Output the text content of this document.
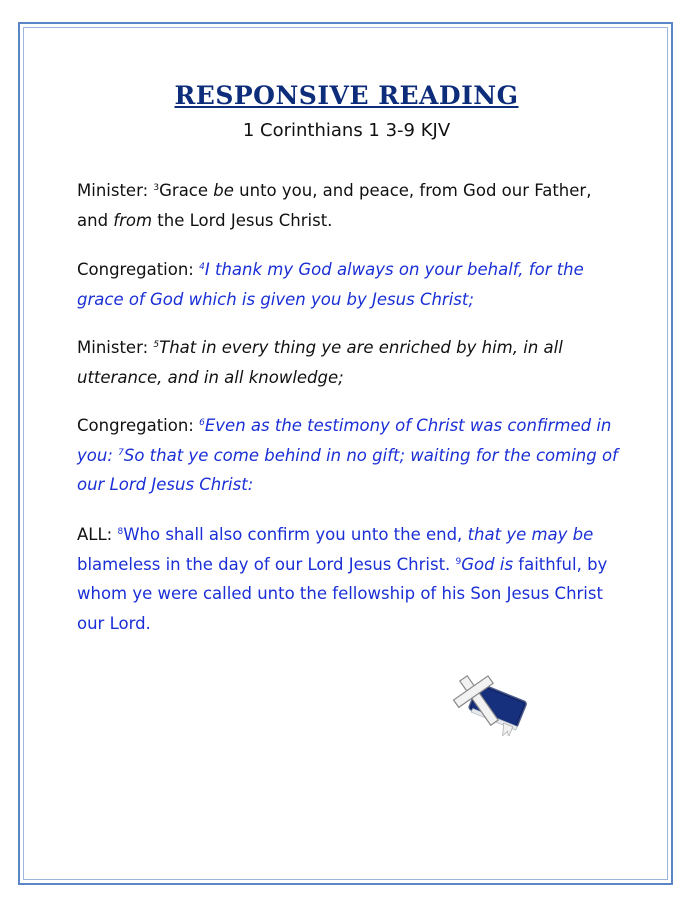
RESPONSIVE READING
1 Corinthians 1 3-9 KJV
Minister: $^3$Grace be unto you, and peace, from God our Father, and from the Lord Jesus Christ.
Congregation: $^4$I thank my God always on your behalf, for the grace of God which is given you by Jesus Christ;
Minister: $^5$That in every thing ye are enriched by him, in all utterance, and in all knowledge;
Congregation: $^6$Even as the testimony of Christ was confirmed in you: $^7$So that ye come behind in no gift; waiting for the coming of our Lord Jesus Christ:
ALL: $^8$Who shall also confirm you unto the end, that ye may be blameless in the day of our Lord Jesus Christ. $^9$God is faithful, by whom ye were called unto the fellowship of his Son Jesus Christ our Lord.
